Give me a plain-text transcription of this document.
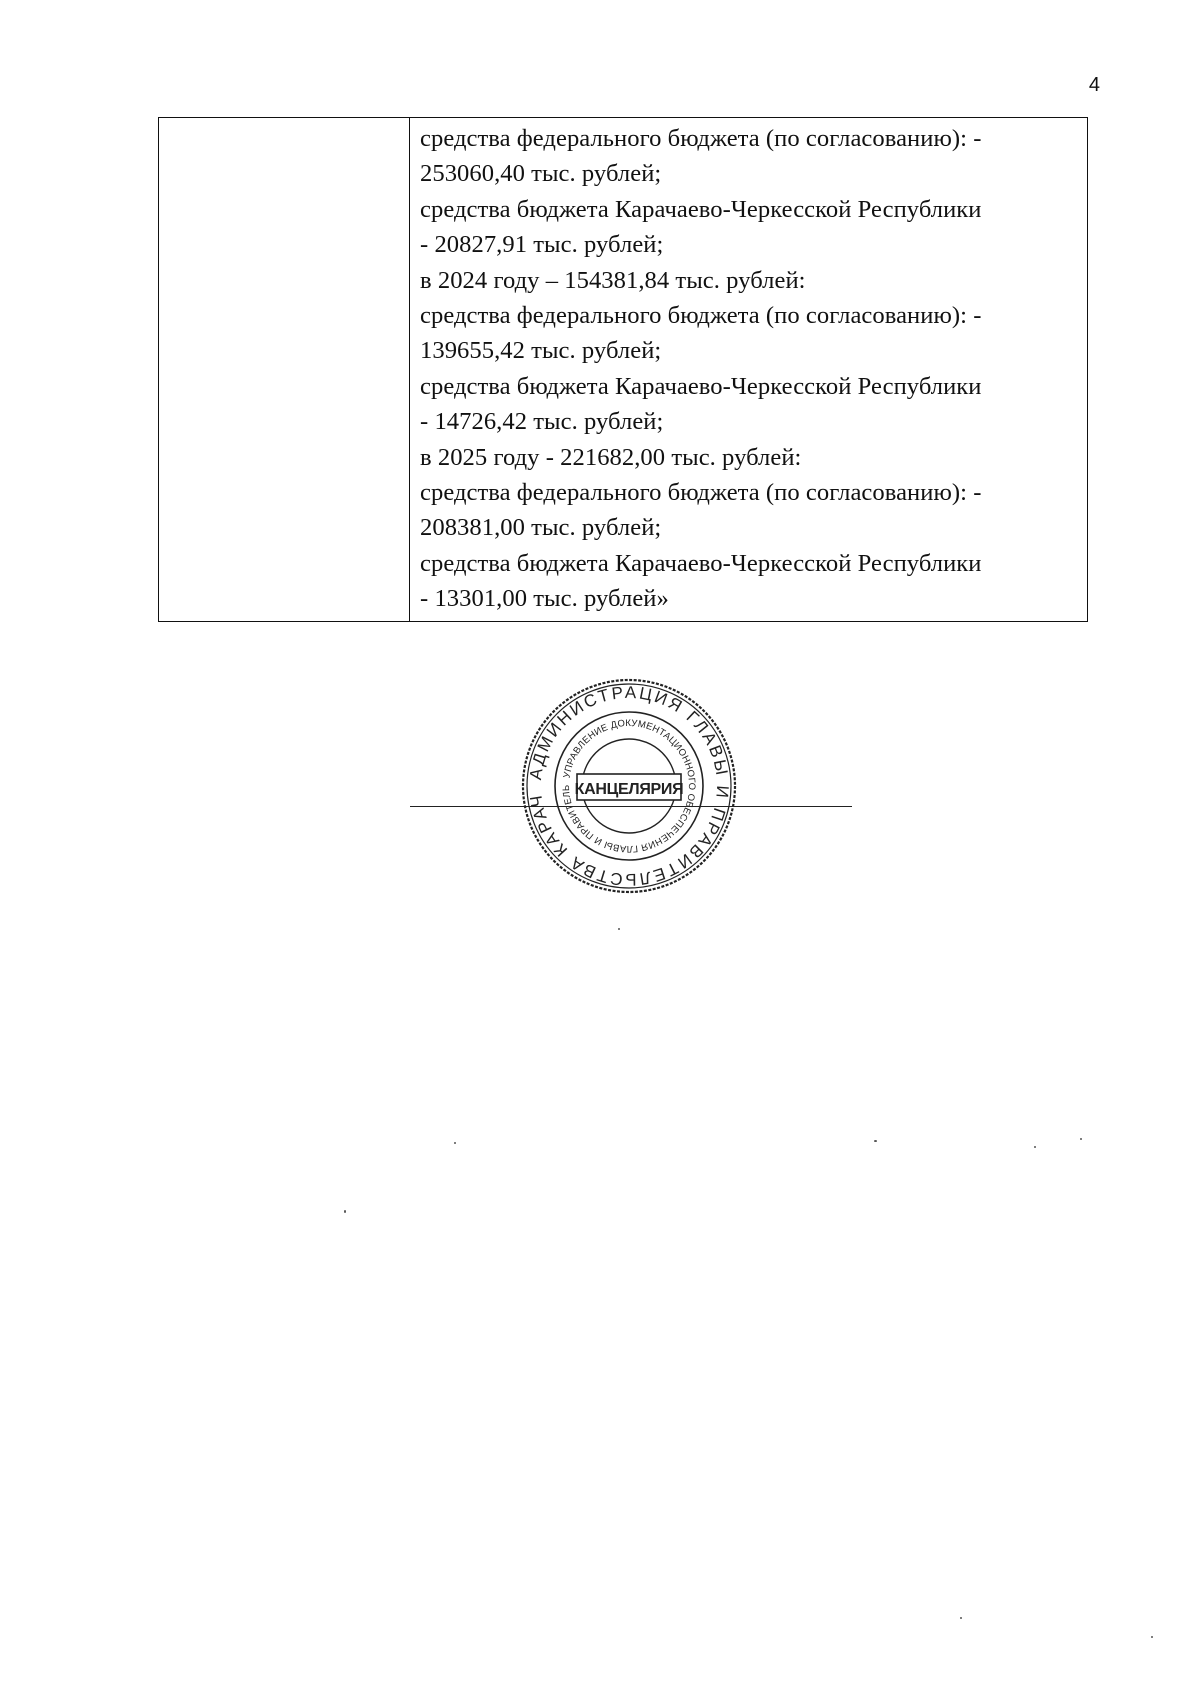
4

средства федерального бюджета (по согласованию): -
253060,40 тыс. рублей;
средства бюджета Карачаево-Черкесской Республики
- 20827,91 тыс. рублей;
в 2024 году – 154381,84 тыс. рублей:
средства федерального бюджета (по согласованию): -
139655,42 тыс. рублей;
средства бюджета Карачаево-Черкесской Республики
- 14726,42 тыс. рублей;
в 2025 году - 221682,00 тыс. рублей:
средства федерального бюджета (по согласованию): -
208381,00 тыс. рублей;
средства бюджета Карачаево-Черкесской Республики
- 13301,00 тыс. рублей»
АДМИНИСТРАЦИЯ ГЛАВЫ И ПРАВИТЕЛЬСТВА КАРАЧ
УПРАВЛЕНИЕ ДОКУМЕНТАЦИОННОГО ОБЕСПЕЧЕНИЯ ГЛАВЫ И ПРАВИТЕЛЬ КАНЦЕЛЯРИЯ
